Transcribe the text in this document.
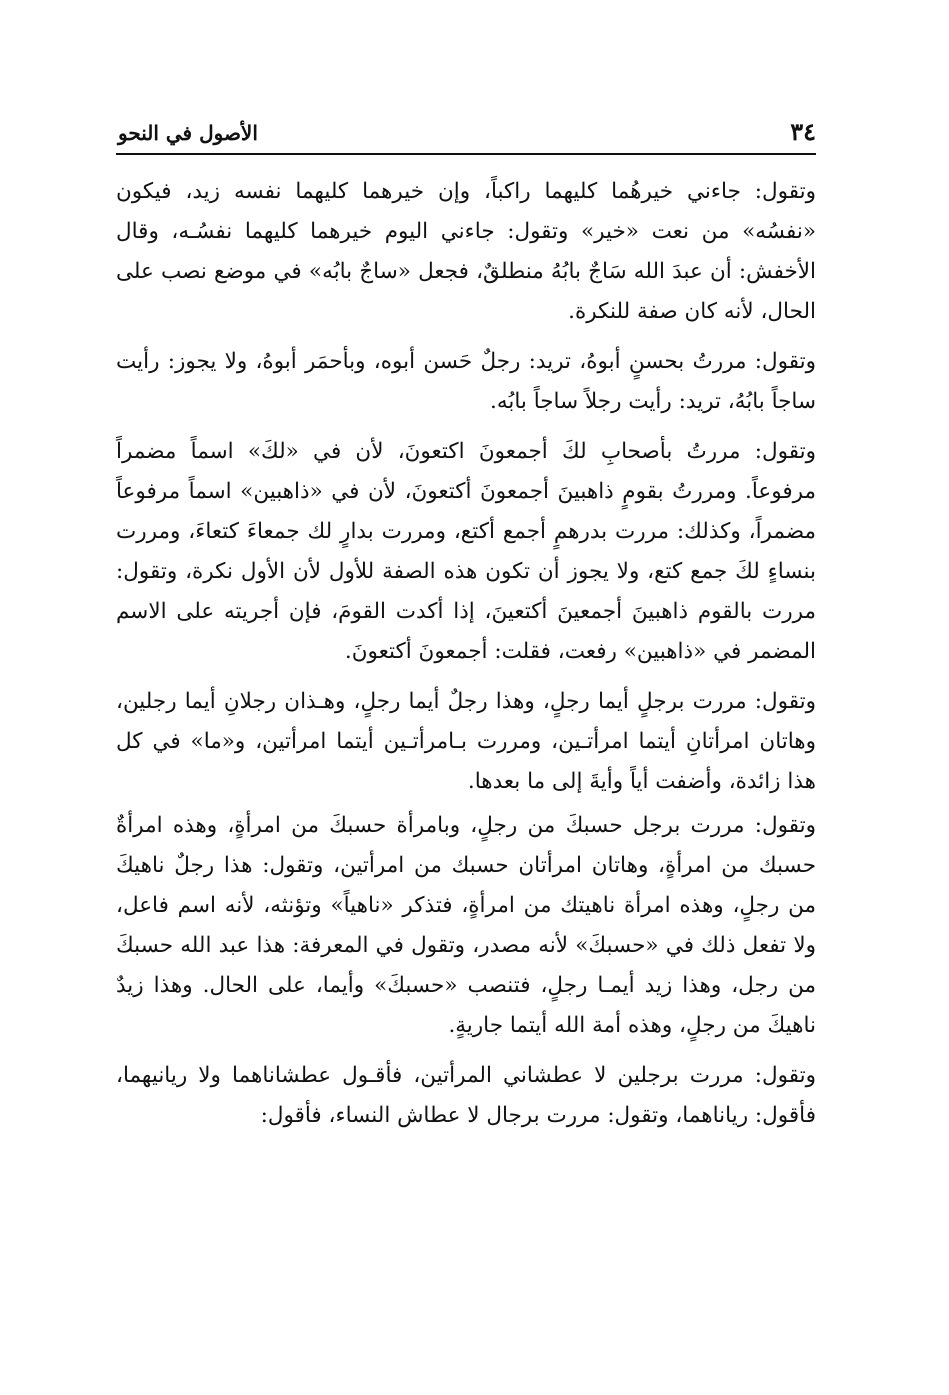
٣٤
الأصول في النحو

وتقول: جاءني خيرهُما كليهما راكباً، وإن خيرهما كليهما نفسه زيد، فيكون «نفسُه» من نعت «خير» وتقول: جاءني اليوم خيرهما كليهما نفسُـه، وقال الأخفش: أن عبدَ الله سَاجٌ بابُهُ منطلقٌ، فجعل «ساجٌ بابُه» في موضع نصب على الحال، لأنه كان صفة للنكرة.

وتقول: مررتُ بحسنٍ أبوهُ، تريد: رجلٌ حَسن أبوه، وبأحمَر أبوهُ، ولا يجوز: رأيت ساجاً بابُهُ، تريد: رأيت رجلاً ساجاً بابُه.

وتقول: مررتُ بأصحابِ لكَ أجمعونَ اكتعونَ، لأن في «لكَ» اسماً مضمراً مرفوعاً. ومررتُ بقومٍ ذاهبينَ أجمعونَ أكتعونَ، لأن في «ذاهبين» اسماً مرفوعاً مضمراً، وكذلك: مررت بدرهمٍ أجمع أكتع، ومررت بدارٍ لك جمعاءَ كتعاءَ، ومررت بنساءٍ لكَ جمع كتع، ولا يجوز أن تكون هذه الصفة للأول لأن الأول نكرة، وتقول: مررت بالقوم ذاهبينَ أجمعينَ أكتعينَ، إذا أكدت القومَ، فإن أجريته على الاسم المضمر في «ذاهبين» رفعت، فقلت: أجمعونَ أكتعونَ.

وتقول: مررت برجلٍ أيما رجلٍ، وهذا رجلٌ أيما رجلٍ، وهـذان رجلانِ أيما رجلين، وهاتان امرأتانِ أيتما امرأتـين، ومررت بـامرأتـين أيتما امرأتين، و«ما» في كل هذا زائدة، وأضفت أياً وأيةَ إلى ما بعدها.

وتقول: مررت برجل حسبكَ من رجلٍ، وبامرأة حسبكَ من امرأةٍ، وهذه امرأةٌ حسبك من امرأةٍ، وهاتان امرأتان حسبك من امرأتين، وتقول: هذا رجلٌ ناهيكَ من رجلٍ، وهذه امرأة ناهيتك من امرأةٍ، فتذكر «ناهياً» وتؤنثه، لأنه اسم فاعل، ولا تفعل ذلك في «حسبكَ» لأنه مصدر، وتقول في المعرفة: هذا عبد الله حسبكَ من رجل، وهذا زيد أيمـا رجلٍ، فتنصب «حسبكَ» وأيما، على الحال. وهذا زيدٌ ناهيكَ من رجلٍ، وهذه أمة الله أيتما جاريةٍ.

وتقول: مررت برجلين لا عطشاني المرأتين، فأقـول عطشاناهما ولا ريانيهما، فأقول: رياناهما، وتقول: مررت برجال لا عطاش النساء، فأقول:
